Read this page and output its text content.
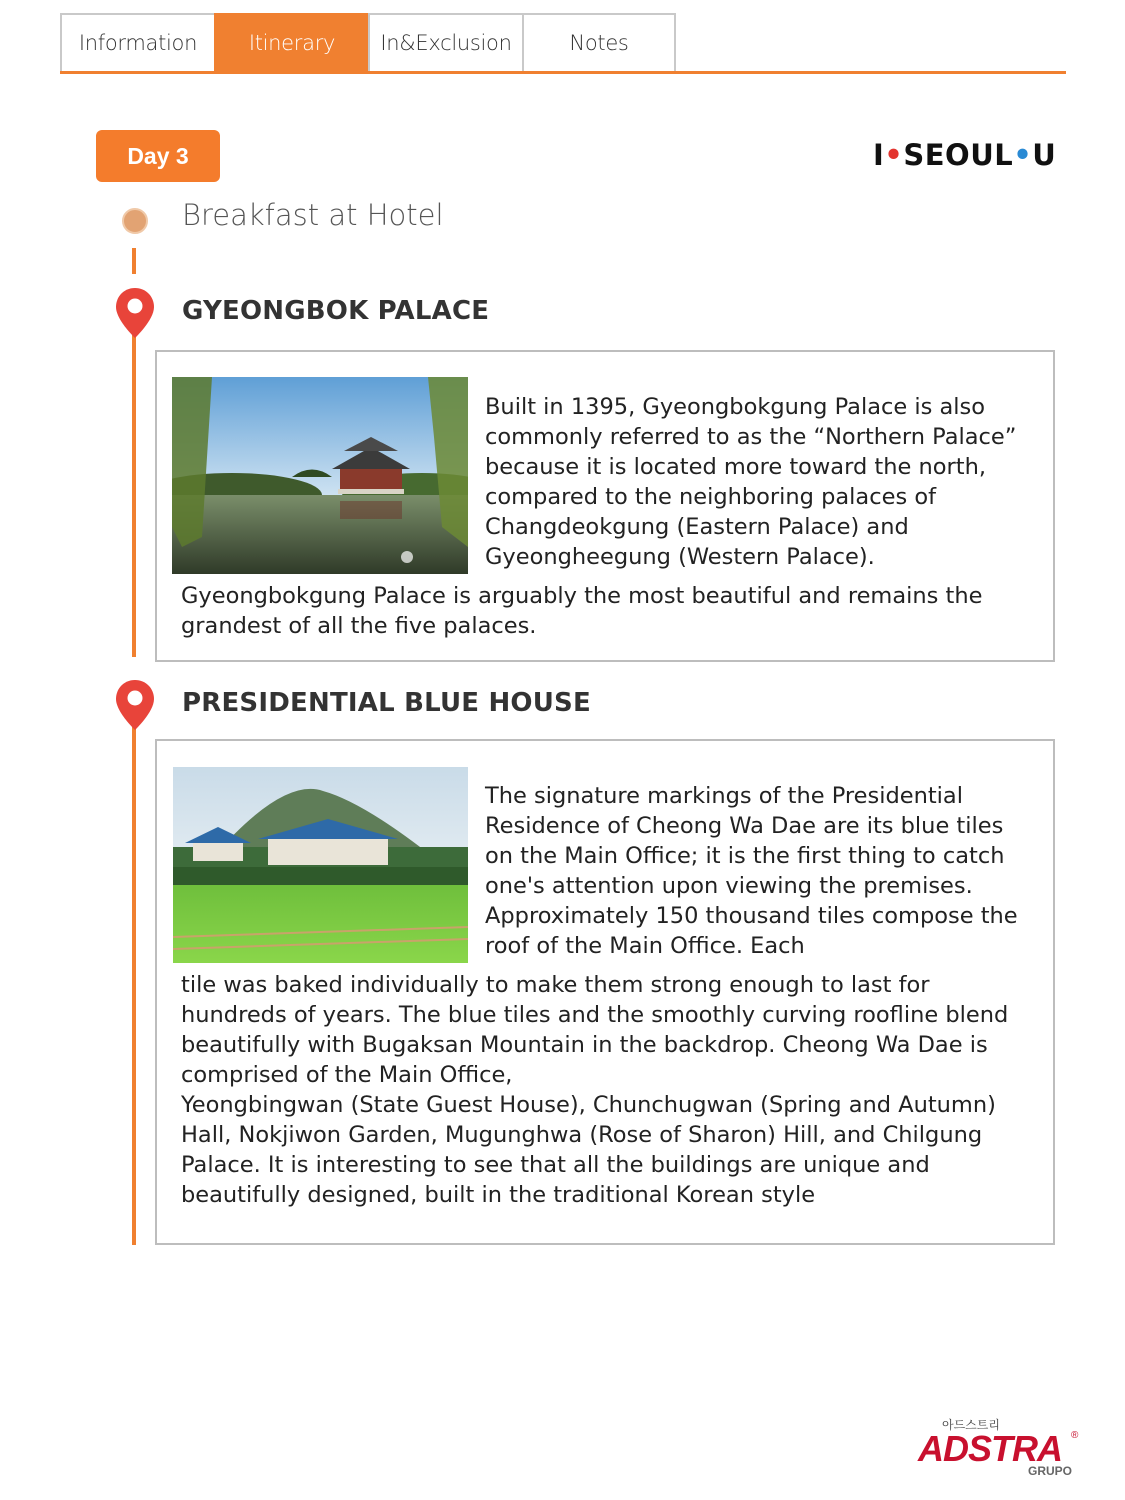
Information	Itinerary	In&Exclusion	Notes
Day 3	I•SEOUL•U
Breakfast at Hotel
GYEONGBOK PALACE
Built in 1395, Gyeongbokgung Palace is also commonly referred to as the “Northern Palace” because it is located more toward the north, compared to the neighboring palaces of Changdeokgung (Eastern Palace) and Gyeongheegung (Western Palace).
Gyeongbokgung Palace is arguably the most beautiful and remains the grandest of all the five palaces.
PRESIDENTIAL BLUE HOUSE
The signature markings of the Presidential Residence of Cheong Wa Dae are its blue tiles on the Main Office; it is the first thing to catch one's attention upon viewing the premises. Approximately 150 thousand tiles compose the roof of the Main Office. Each
tile was baked individually to make them strong enough to last for hundreds of years. The blue tiles and the smoothly curving roofline blend beautifully with Bugaksan Mountain in the backdrop. Cheong Wa Dae is comprised of the Main Office,
Yeongbingwan (State Guest House), Chunchugwan (Spring and Autumn) Hall, Nokjiwon Garden, Mugunghwa (Rose of Sharon) Hill, and Chilgung Palace. It is interesting to see that all the buildings are unique and beautifully designed, built in the traditional Korean style
아드스트리
ADSTRA ®
GRUPO
